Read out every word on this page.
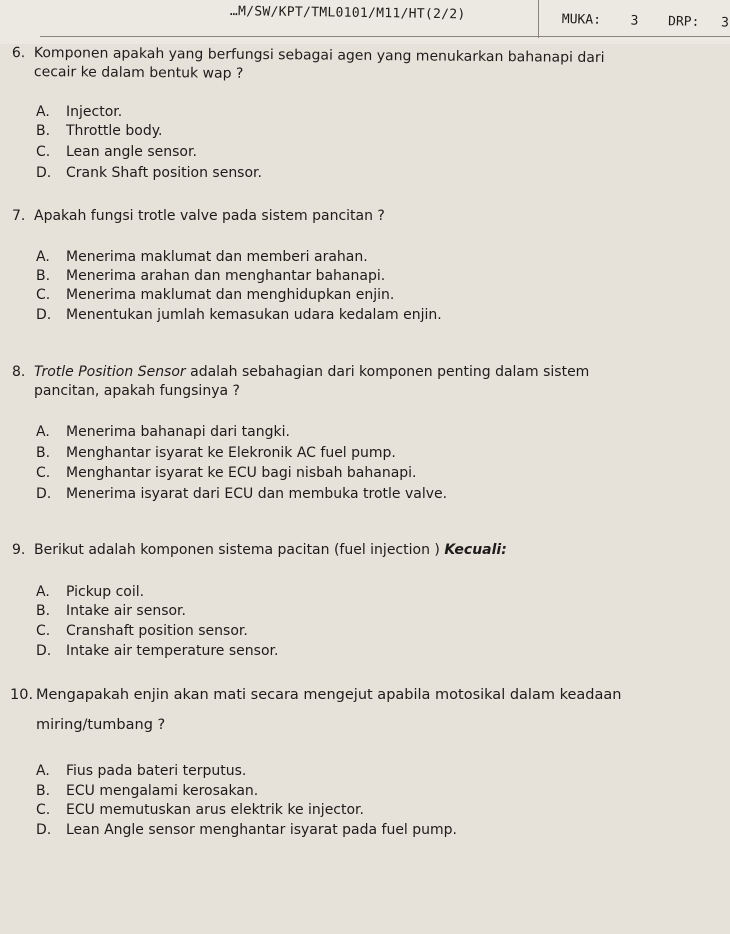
…M/SW/KPT/TML0101/M11/HT(2/2)	MUKA: 3 DRP: 3
6. Komponen apakah yang berfungsi sebagai agen yang menukarkan bahanapi dari
cecair ke dalam bentuk wap ?
A. Injector.
B. Throttle body.
C. Lean angle sensor.
D. Crank Shaft position sensor.
7. Apakah fungsi trotle valve pada sistem pancitan ?
A. Menerima maklumat dan memberi arahan.
B. Menerima arahan dan menghantar bahanapi.
C. Menerima maklumat dan menghidupkan enjin.
D. Menentukan jumlah kemasukan udara kedalam enjin.
8. Trotle Position Sensor adalah sebahagian dari komponen penting dalam sistem
pancitan, apakah fungsinya ?
A. Menerima bahanapi dari tangki.
B. Menghantar isyarat ke Elekronik AC fuel pump.
C. Menghantar isyarat ke ECU bagi nisbah bahanapi.
D. Menerima isyarat dari ECU dan membuka trotle valve.
9. Berikut adalah komponen sistema pacitan (fuel injection ) Kecuali:
A. Pickup coil.
B. Intake air sensor.
C. Cranshaft position sensor.
D. Intake air temperature sensor.
10. Mengapakah enjin akan mati secara mengejut apabila motosikal dalam keadaan
miring/tumbang ?
A. Fius pada bateri terputus.
B. ECU mengalami kerosakan.
C. ECU memutuskan arus elektrik ke injector.
D. Lean Angle sensor menghantar isyarat pada fuel pump.
